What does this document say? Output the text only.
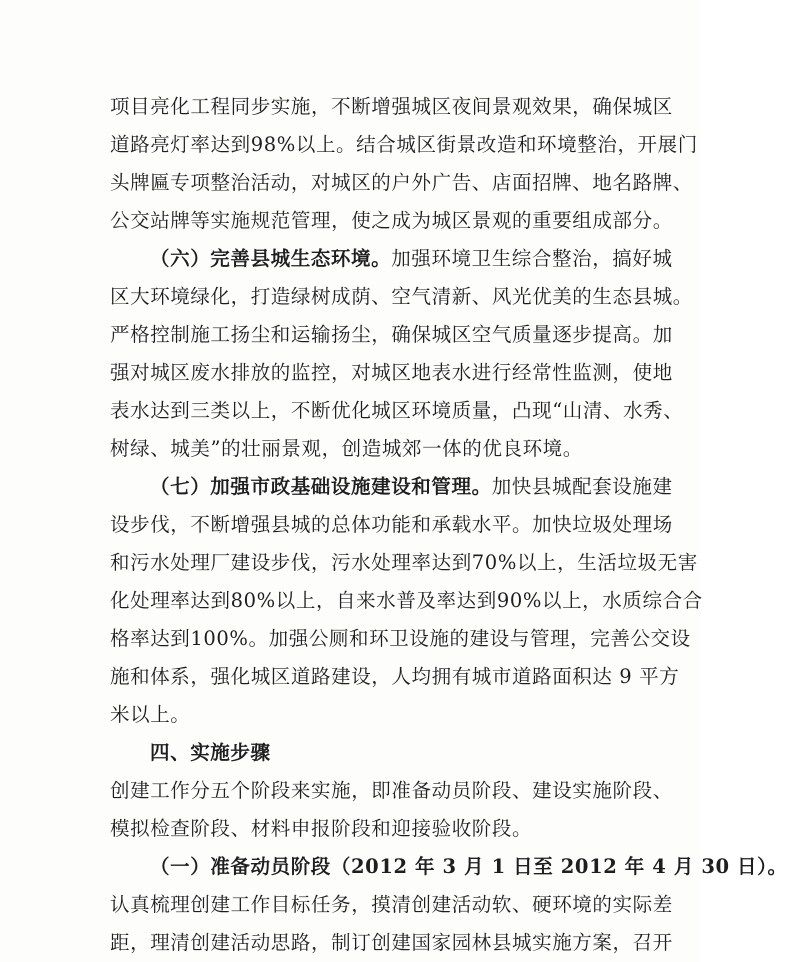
项目亮化工程同步实施，不断增强城区夜间景观效果，确保城区
道路亮灯率达到98%以上。结合城区街景改造和环境整治，开展门
头牌匾专项整治活动，对城区的户外广告、店面招牌、地名路牌、
公交站牌等实施规范管理，使之成为城区景观的重要组成部分。
（六）完善县城生态环境。加强环境卫生综合整治，搞好城
区大环境绿化，打造绿树成荫、空气清新、风光优美的生态县城。
严格控制施工扬尘和运输扬尘，确保城区空气质量逐步提高。加
强对城区废水排放的监控，对城区地表水进行经常性监测，使地
表水达到三类以上，不断优化城区环境质量，凸现“山清、水秀、
树绿、城美”的壮丽景观，创造城郊一体的优良环境。
（七）加强市政基础设施建设和管理。加快县城配套设施建
设步伐，不断增强县城的总体功能和承载水平。加快垃圾处理场
和污水处理厂建设步伐，污水处理率达到70%以上，生活垃圾无害
化处理率达到80%以上，自来水普及率达到90%以上，水质综合合
格率达到100%。加强公厕和环卫设施的建设与管理，完善公交设
施和体系，强化城区道路建设，人均拥有城市道路面积达 9 平方
米以上。
四、实施步骤
创建工作分五个阶段来实施，即准备动员阶段、建设实施阶段、
模拟检查阶段、材料申报阶段和迎接验收阶段。
（一）准备动员阶段（2012 年 3 月 1 日至 2012 年 4 月 30 日）。
认真梳理创建工作目标任务，摸清创建活动软、硬环境的实际差
距，理清创建活动思路，制订创建国家园林县城实施方案，召开
